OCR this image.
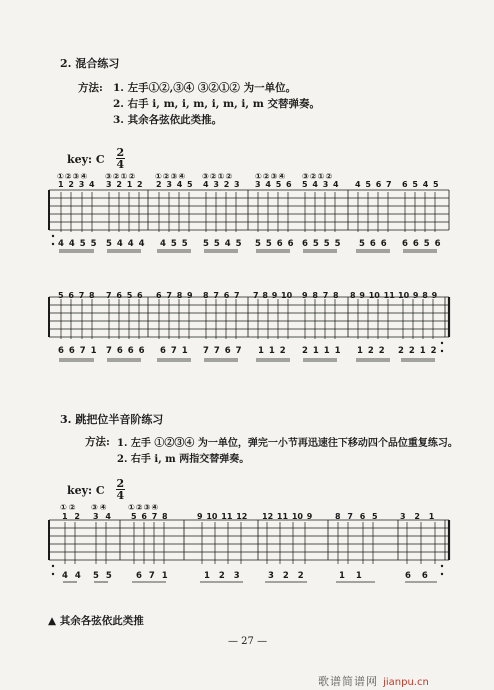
2. 混合练习
方法: 1. 左手①②,③④ ③②①② 为一单位。
2. 右手 i, m, i, m, i, m, i, m 交替弹奏。
3. 其余各弦依此类推。
key: C $\frac{2}{4}$
①②③④ ③②①② ①②③④ ③②①②	①②③④ ③②①②
1 2 3 4 3 2 1 2 2 3 4 5 4 3 2 3 3 4 5 6 5 4 3 4 4 5 6 7 6 5 4 5
4 4 5 5 5 4 4 4 4 5 5 5 5 4 5 5 5 6 6 6 5 5 5 5 6 6 6 6 5 6
5 6 7 8 7 6 5 6 6 7 8 9 8 7 6 7 7 8 9 10 9 8 7 8 8 9 10 11 10 9 8 9
6 6 7 1 7 6 6 6 6 7 1 7 7 6 7 1 1 2 2 1 1 1 1 2 2 2 2 1 2
3. 跳把位半音阶练习
方法: 1. 左手 ①②③④ 为一单位，弹完一小节再迅速往下移动四个品位重复练习。
2. 右手 i, m 两指交替弹奏。
key: C $\frac{2}{4}$
①② ③④ ①②③④
1 2 3 4	5 6 7 8	9 10 11 12 12 11 10 9	8 7 6 5	3 2 1
4 4 5 5	6 7 1	1 2 3	3 2 2	1 1	6 6
▲ 其余各弦依此类推
— 27 —
歌谱简谱网 jianpu.cn
